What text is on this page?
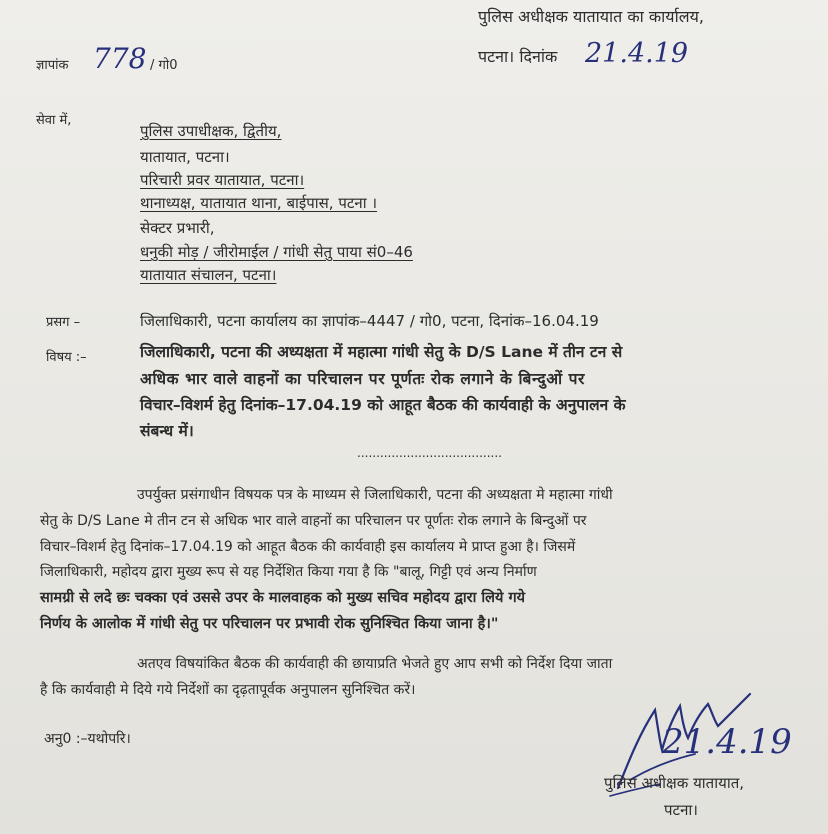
पुलिस अधीक्षक यातायात का कार्यालय,
पटना। दिनांक 21.4.19
ज्ञापांक 778 / गो0
सेवा में,
पुलिस उपाधीक्षक, द्वितीय,
यातायात, पटना।
परिचारी प्रवर यातायात, पटना।
थानाध्यक्ष, यातायात थाना, बाईपास, पटना ।
सेक्टर प्रभारी,
धनुकी मोड़ / जीरोमाईल / गांधी सेतु पाया सं0–46
यातायात संचालन, पटना।
प्रसग –	जिलाधिकारी, पटना कार्यालय का ज्ञापांक–4447 / गो0, पटना, दिनांक–16.04.19
विषय :–	जिलाधिकारी, पटना की अध्यक्षता में महात्मा गांधी सेतु के D/S Lane में तीन टन से
अधिक भार वाले वाहनों का परिचालन पर पूर्णतः रोक लगाने के बिन्दुओं पर
विचार–विशर्म हेतु दिनांक–17.04.19 को आहूत बैठक की कार्यवाही के अनुपालन के
संबन्ध में।
......................................
उपर्युक्त प्रसंगाधीन विषयक पत्र के माध्यम से जिलाधिकारी, पटना की अध्यक्षता मे महात्मा गांधी
सेतु के D/S Lane मे तीन टन से अधिक भार वाले वाहनों का परिचालन पर पूर्णतः रोक लगाने के बिन्दुओं पर
विचार–विशर्म हेतु दिनांक–17.04.19 को आहूत बैठक की कार्यवाही इस कार्यालय मे प्राप्त हुआ है। जिसमें
जिलाधिकारी, महोदय द्वारा मुख्य रूप से यह निर्देशित किया गया है कि "बालू, गिट्टी एवं अन्य निर्माण
सामग्री से लदे छः चक्का एवं उससे उपर के मालवाहक को मुख्य सचिव महोदय द्वारा लिये गये
निर्णय के आलोक में गांधी सेतु पर परिचालन पर प्रभावी रोक सुनिश्चित किया जाना है।"
अतएव विषयांकित बैठक की कार्यवाही की छायाप्रति भेजते हुए आप सभी को निर्देश दिया जाता
है कि कार्यवाही मे दिये गये निर्देशों का दृढ़तापूर्वक अनुपालन सुनिश्चित करें।
अनु0 :–यथोपरि।	21.4.19
पुलिस अधीक्षक यातायात,
पटना।
